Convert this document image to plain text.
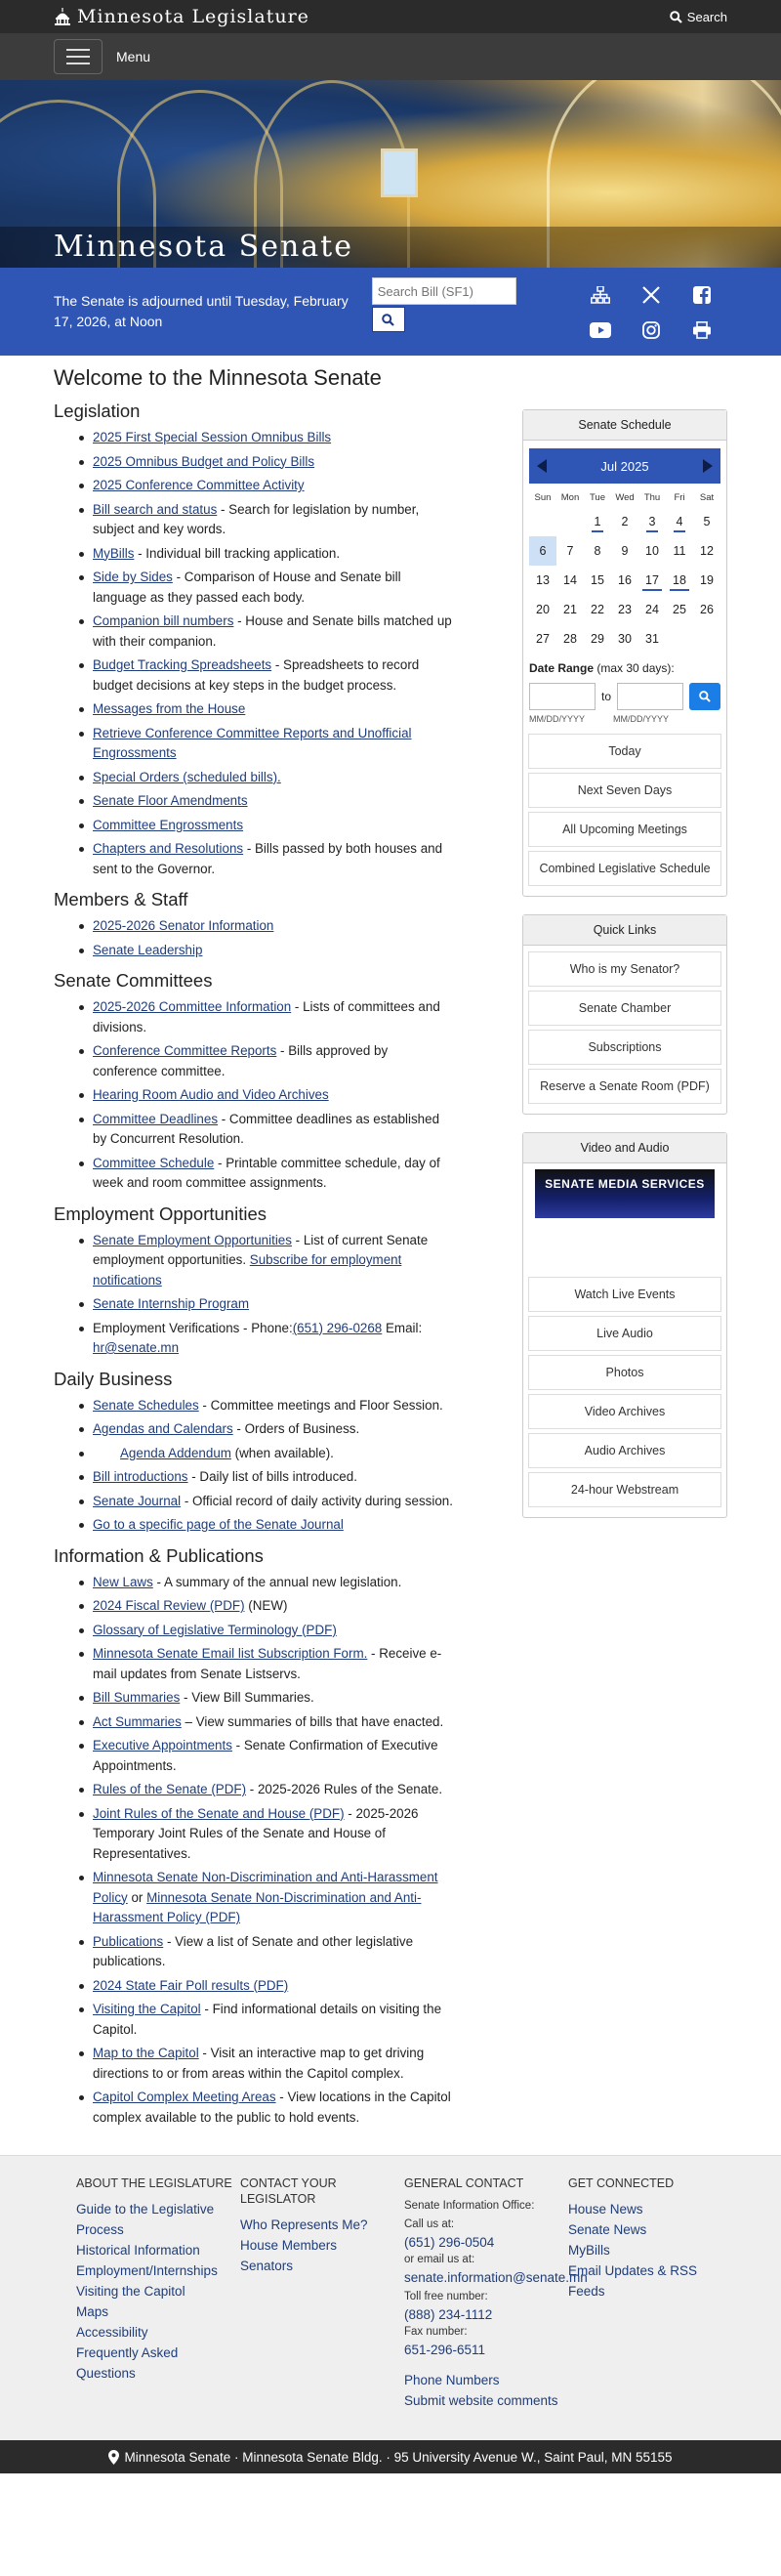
Minnesota Legislature	Search
Menu
Minnesota Senate
The Senate is adjourned until Tuesday, February 17, 2026, at Noon
Search Bill (SF1)
Welcome to the Minnesota Senate
Legislation
2025 First Special Session Omnibus Bills
2025 Omnibus Budget and Policy Bills
2025 Conference Committee Activity
Bill search and status - Search for legislation by number, subject and key words.
MyBills - Individual bill tracking application.
Side by Sides - Comparison of House and Senate bill language as they passed each body.
Companion bill numbers - House and Senate bills matched up with their companion.
Budget Tracking Spreadsheets - Spreadsheets to record budget decisions at key steps in the budget process.
Messages from the House
Retrieve Conference Committee Reports and Unofficial Engrossments
Special Orders (scheduled bills).
Senate Floor Amendments
Committee Engrossments
Chapters and Resolutions - Bills passed by both houses and sent to the Governor.
Members & Staff
2025-2026 Senator Information
Senate Leadership
Senate Committees
2025-2026 Committee Information - Lists of committees and divisions.
Conference Committee Reports - Bills approved by conference committee.
Hearing Room Audio and Video Archives
Committee Deadlines - Committee deadlines as established by Concurrent Resolution.
Committee Schedule - Printable committee schedule, day of week and room committee assignments.
Employment Opportunities
Senate Employment Opportunities - List of current Senate employment opportunities. Subscribe for employment notifications
Senate Internship Program
Employment Verifications - Phone:(651) 296-0268 Email: hr@senate.mn
Daily Business
Senate Schedules - Committee meetings and Floor Session.
Agendas and Calendars - Orders of Business.
Agenda Addendum (when available).
Bill introductions - Daily list of bills introduced.
Senate Journal - Official record of daily activity during session.
Go to a specific page of the Senate Journal
Information & Publications
New Laws - A summary of the annual new legislation.
2024 Fiscal Review (PDF) (NEW)
Glossary of Legislative Terminology (PDF)
Minnesota Senate Email list Subscription Form. - Receive e-mail updates from Senate Listservs.
Bill Summaries - View Bill Summaries.
Act Summaries – View summaries of bills that have enacted.
Executive Appointments - Senate Confirmation of Executive Appointments.
Rules of the Senate (PDF) - 2025-2026 Rules of the Senate.
Joint Rules of the Senate and House (PDF) - 2025-2026 Temporary Joint Rules of the Senate and House of Representatives.
Minnesota Senate Non-Discrimination and Anti-Harassment Policy or Minnesota Senate Non-Discrimination and Anti-Harassment Policy (PDF)
Publications - View a list of Senate and other legislative publications.
2024 State Fair Poll results (PDF)
Visiting the Capitol - Find informational details on visiting the Capitol.
Map to the Capitol - Visit an interactive map to get driving directions to or from areas within the Capitol complex.
Capitol Complex Meeting Areas - View locations in the Capitol complex available to the public to hold events.
Senate Schedule
Jul 2025
Sun	Mon	Tue	Wed	Thu	Fri	Sat
		1	2	3	4	5
6	7	8	9	10	11	12
13	14	15	16	17	18	19
20	21	22	23	24	25	26
27	28	29	30	31		
Date Range (max 30 days):
to
MM/DD/YYYY	MM/DD/YYYY
Today
Next Seven Days
All Upcoming Meetings
Combined Legislative Schedule
Quick Links
Who is my Senator?
Senate Chamber
Subscriptions
Reserve a Senate Room (PDF)
Video and Audio
SENATE MEDIA SERVICES
Watch Live Events
Live Audio
Photos
Video Archives
Audio Archives
24-hour Webstream
ABOUT THE LEGISLATURE
Guide to the Legislative Process
Historical Information
Employment/Internships
Visiting the Capitol
Maps
Accessibility
Frequently Asked Questions
CONTACT YOUR LEGISLATOR
Who Represents Me?
House Members
Senators
GENERAL CONTACT
Senate Information Office:
Call us at:
(651) 296-0504
or email us at:
senate.information@senate.mn
Toll free number:
(888) 234-1112
Fax number:
651-296-6511
Phone Numbers
Submit website comments
GET CONNECTED
House News
Senate News
MyBills
Email Updates & RSS Feeds
Minnesota Senate · Minnesota Senate Bldg. · 95 University Avenue W., Saint Paul, MN 55155
